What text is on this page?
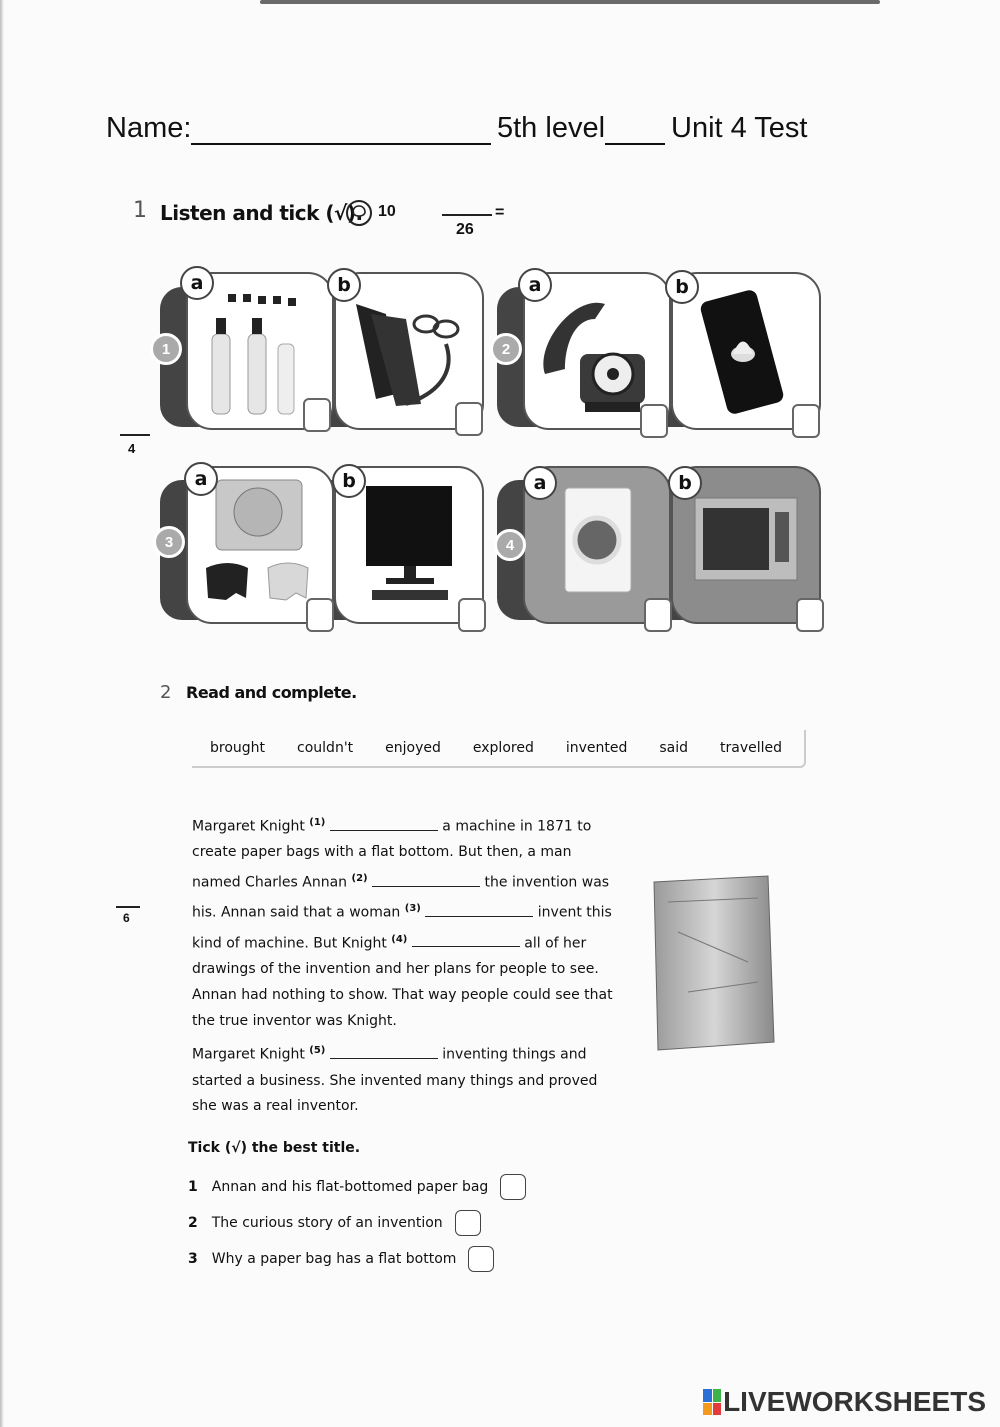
Name:	5th level	Unit 4 Test
1 Listen and tick (√). 10
26
=
4
a	b
1
a	b
2
a	b
3
a	b
4
2 Read and complete.
brought couldn't enjoyed explored invented said travelled
6
Margaret Knight $^{(1)}$	a machine in 1871 to
create paper bags with a flat bottom. But then, a man
named Charles Annan $^{(2)}$	the invention was
his. Annan said that a woman $^{(3)}$	invent this
kind of machine. But Knight $^{(4)}$	all of her
drawings of the invention and her plans for people to see.
Annan had nothing to show. That way people could see that
the true inventor was Knight.
Margaret Knight $^{(5)}$	inventing things and
started a business. She invented many things and proved
she was a real inventor.
Tick (√) the best title.
1 Annan and his flat-bottomed paper bag
2 The curious story of an invention
3 Why a paper bag has a flat bottom
LIVEWORKSHEETS
